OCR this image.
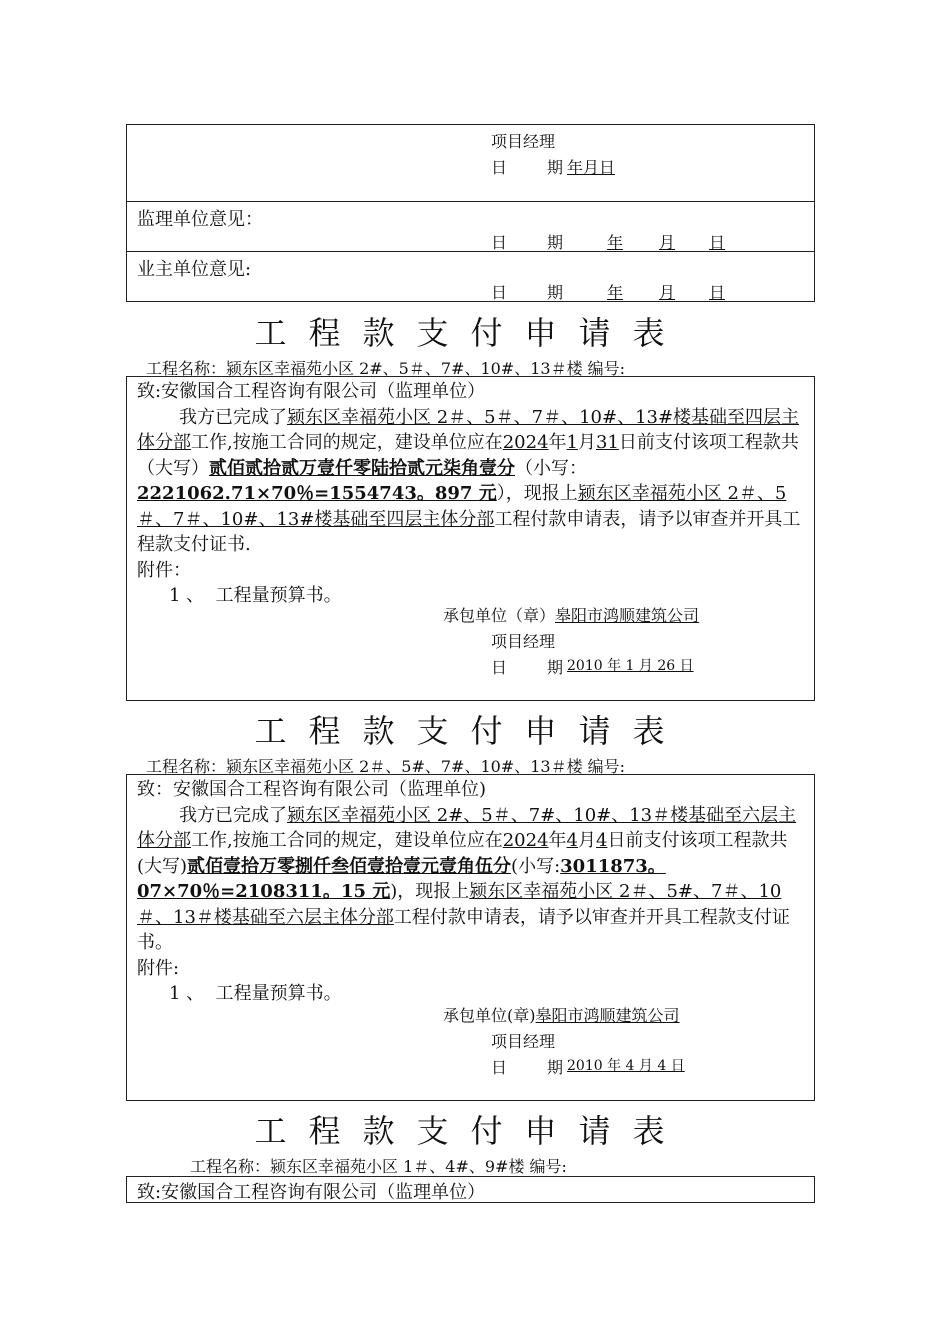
项目经理
日 期 年月日
监理单位意见：
日 期	年 月 日
业主单位意见:
日 期	年 月 日
工程款支付申请表
工程名称：颍东区幸福苑小区 2#、5＃、7#、10#、13＃楼 编号:
致:安徽国合工程咨询有限公司（监理单位）
我方已完成了颍东区幸福苑小区 2＃、5＃、7＃、10#、13#楼基础至四层主体分部工作,按施工合同的规定，建设单位应在2024年1月31日前支付该项工程款共（大写）贰佰贰拾贰万壹仟零陆拾贰元柒角壹分（小写：2221062.71×70％=1554743。897 元），现报上颍东区幸福苑小区 2＃、5＃、7＃、10#、13#楼基础至四层主体分部工程付款申请表，请予以审查并开具工程款支付证书.
附件：
1 、  工程量预算书。
承包单位（章）皋阳市鸿顺建筑公司
项目经理
日 期 2010 年 1 月 26 日
工程款支付申请表
工程名称：颍东区幸福苑小区 2＃、5#、7#、10#、13＃楼 编号:
致：安徽国合工程咨询有限公司（监理单位)
我方已完成了颍东区幸福苑小区 2#、5＃、7#、10#、13＃楼基础至六层主体分部工作,按施工合同的规定，建设单位应在2024年4月4日前支付该项工程款共(大写)贰佰壹拾万零捌仟叁佰壹拾壹元壹角伍分(小写:3011873。07×70％=2108311。15 元)，现报上颍东区幸福苑小区 2＃、5#、7＃、10＃、13＃楼基础至六层主体分部工程付款申请表，请予以审查并开具工程款支付证书。
附件:
1 、  工程量预算书。
承包单位(章)皋阳市鸿顺建筑公司
项目经理
日 期 2010 年 4 月 4 日
工程款支付申请表
工程名称：颍东区幸福苑小区 1＃、4#、9#楼 编号:
致:安徽国合工程咨询有限公司（监理单位）
